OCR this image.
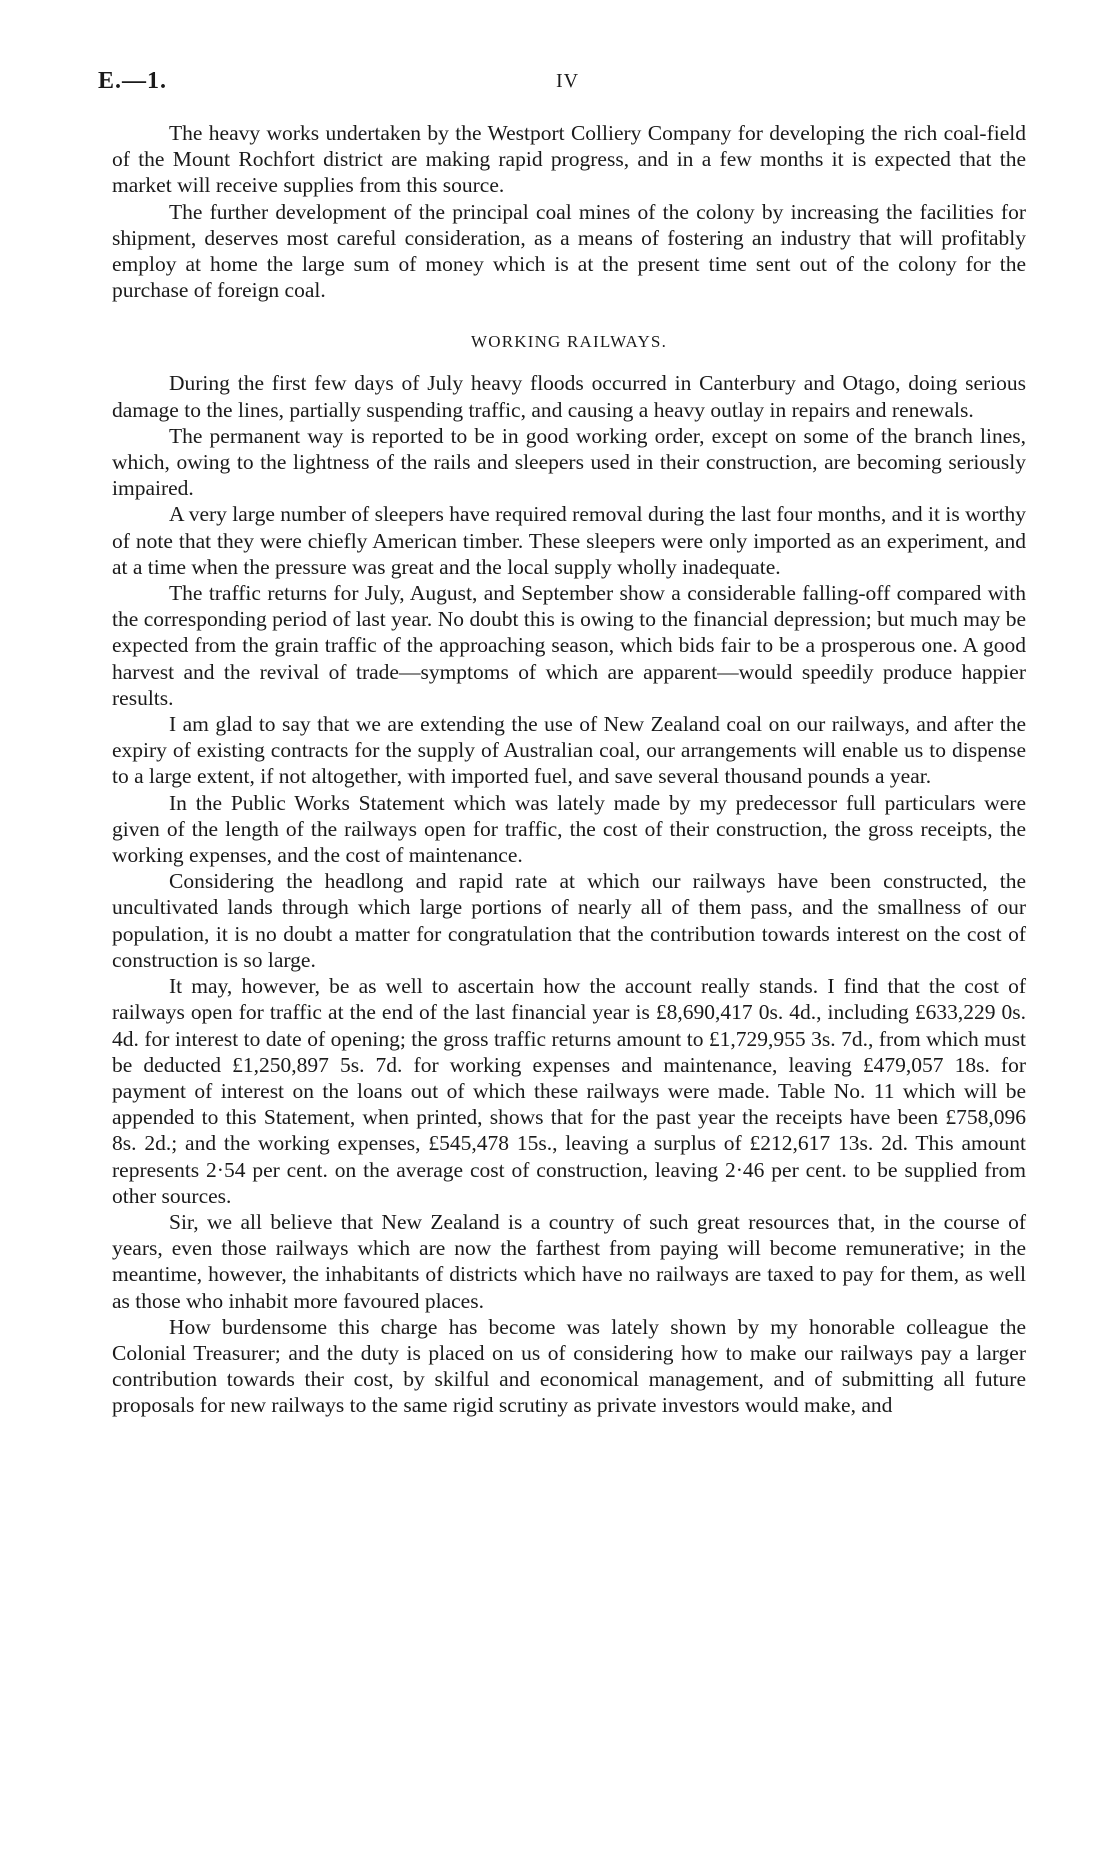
E.—1.	IV

The heavy works undertaken by the Westport Colliery Company for developing the rich coal-field of the Mount Rochfort district are making rapid progress, and in a few months it is expected that the market will receive supplies from this source.

The further development of the principal coal mines of the colony by increasing the facilities for shipment, deserves most careful consideration, as a means of fostering an industry that will profitably employ at home the large sum of money which is at the present time sent out of the colony for the purchase of foreign coal.

WORKING RAILWAYS.

During the first few days of July heavy floods occurred in Canterbury and Otago, doing serious damage to the lines, partially suspending traffic, and causing a heavy outlay in repairs and renewals.

The permanent way is reported to be in good working order, except on some of the branch lines, which, owing to the lightness of the rails and sleepers used in their construction, are becoming seriously impaired.

A very large number of sleepers have required removal during the last four months, and it is worthy of note that they were chiefly American timber. These sleepers were only imported as an experiment, and at a time when the pressure was great and the local supply wholly inadequate.

The traffic returns for July, August, and September show a considerable falling-off compared with the corresponding period of last year. No doubt this is owing to the financial depression; but much may be expected from the grain traffic of the approaching season, which bids fair to be a prosperous one. A good harvest and the revival of trade—symptoms of which are apparent—would speedily produce happier results.

I am glad to say that we are extending the use of New Zealand coal on our railways, and after the expiry of existing contracts for the supply of Australian coal, our arrangements will enable us to dispense to a large extent, if not altogether, with imported fuel, and save several thousand pounds a year.

In the Public Works Statement which was lately made by my predecessor full particulars were given of the length of the railways open for traffic, the cost of their construction, the gross receipts, the working expenses, and the cost of maintenance.

Considering the headlong and rapid rate at which our railways have been constructed, the uncultivated lands through which large portions of nearly all of them pass, and the smallness of our population, it is no doubt a matter for congratulation that the contribution towards interest on the cost of construction is so large.

It may, however, be as well to ascertain how the account really stands. I find that the cost of railways open for traffic at the end of the last financial year is £8,690,417 0s. 4d., including £633,229 0s. 4d. for interest to date of opening; the gross traffic returns amount to £1,729,955 3s. 7d., from which must be deducted £1,250,897 5s. 7d. for working expenses and maintenance, leaving £479,057 18s. for payment of interest on the loans out of which these railways were made. Table No. 11 which will be appended to this Statement, when printed, shows that for the past year the receipts have been £758,096 8s. 2d.; and the working expenses, £545,478 15s., leaving a surplus of £212,617 13s. 2d. This amount represents 2·54 per cent. on the average cost of construction, leaving 2·46 per cent. to be supplied from other sources.

Sir, we all believe that New Zealand is a country of such great resources that, in the course of years, even those railways which are now the farthest from paying will become remunerative; in the meantime, however, the inhabitants of districts which have no railways are taxed to pay for them, as well as those who inhabit more favoured places.

How burdensome this charge has become was lately shown by my honorable colleague the Colonial Treasurer; and the duty is placed on us of considering how to make our railways pay a larger contribution towards their cost, by skilful and economical management, and of submitting all future proposals for new railways to the same rigid scrutiny as private investors would make, and
